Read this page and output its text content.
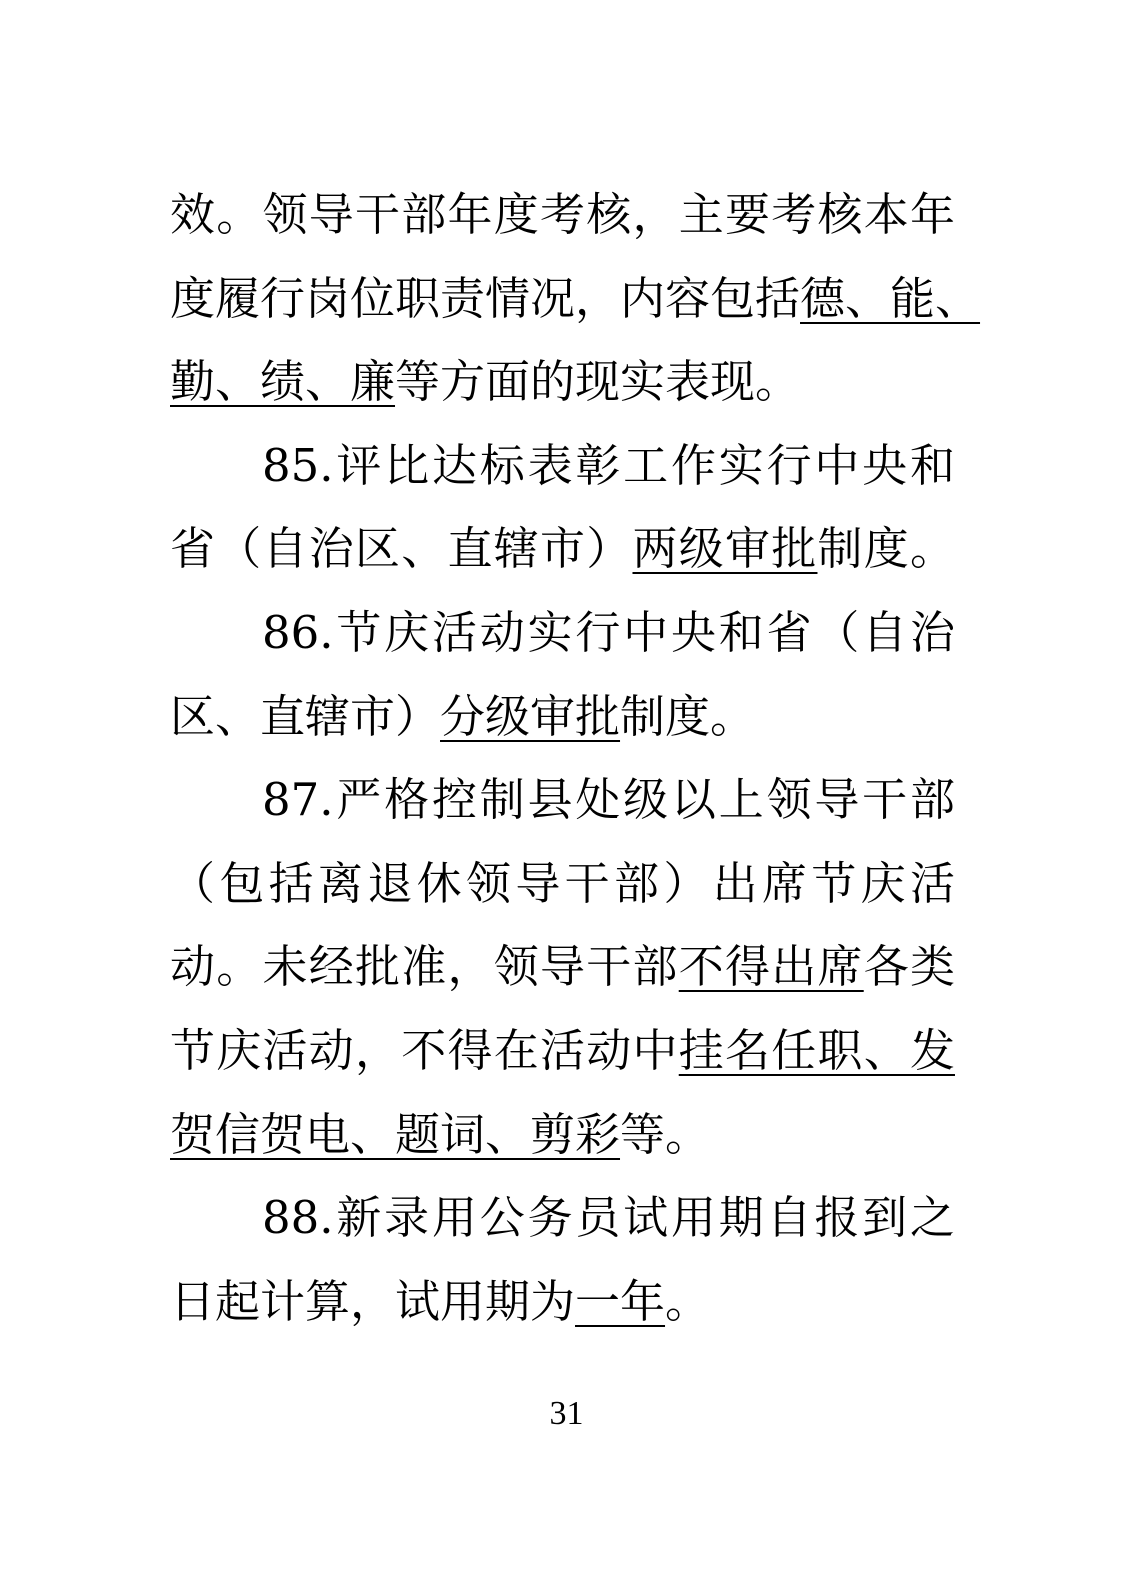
效。领导干部年度考核，主要考核本年
度履行岗位职责情况，内容包括德、能、
勤、绩、廉等方面的现实表现。
85.评比达标表彰工作实行中央和
省（自治区、直辖市）两级审批制度。
86.节庆活动实行中央和省（自治
区、直辖市）分级审批制度。
87.严格控制县处级以上领导干部
（包括离退休领导干部）出席节庆活
动。未经批准，领导干部不得出席各类
节庆活动，不得在活动中挂名任职、发
贺信贺电、题词、剪彩等。
88.新录用公务员试用期自报到之
日起计算，试用期为一年。
31
